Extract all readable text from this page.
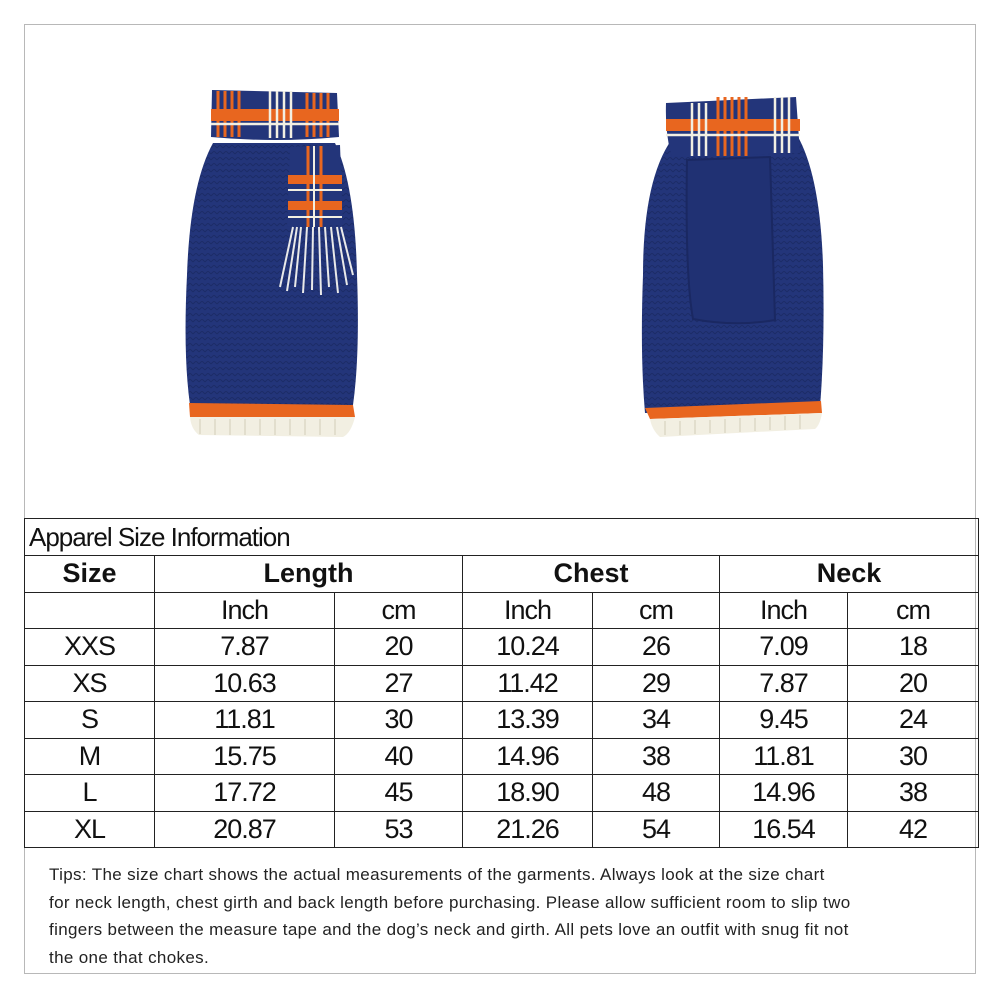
Apparel Size Information						
Size	Length		Chest		Neck	
	Inch	cm	Inch	cm	Inch	cm
XXS	7.87	20	10.24	26	7.09	18
XS	10.63	27	11.42	29	7.87	20
S	11.81	30	13.39	34	9.45	24
M	15.75	40	14.96	38	11.81	30
L	17.72	45	18.90	48	14.96	38
XL	20.87	53	21.26	54	16.54	42
Tips: The size chart shows the actual measurements of the garments. Always look at the size chart
for neck length, chest girth and back length before purchasing. Please allow sufficient room to slip two
fingers between the measure tape and the dog’s neck and girth. All pets love an outfit with snug fit not
the one that chokes.
